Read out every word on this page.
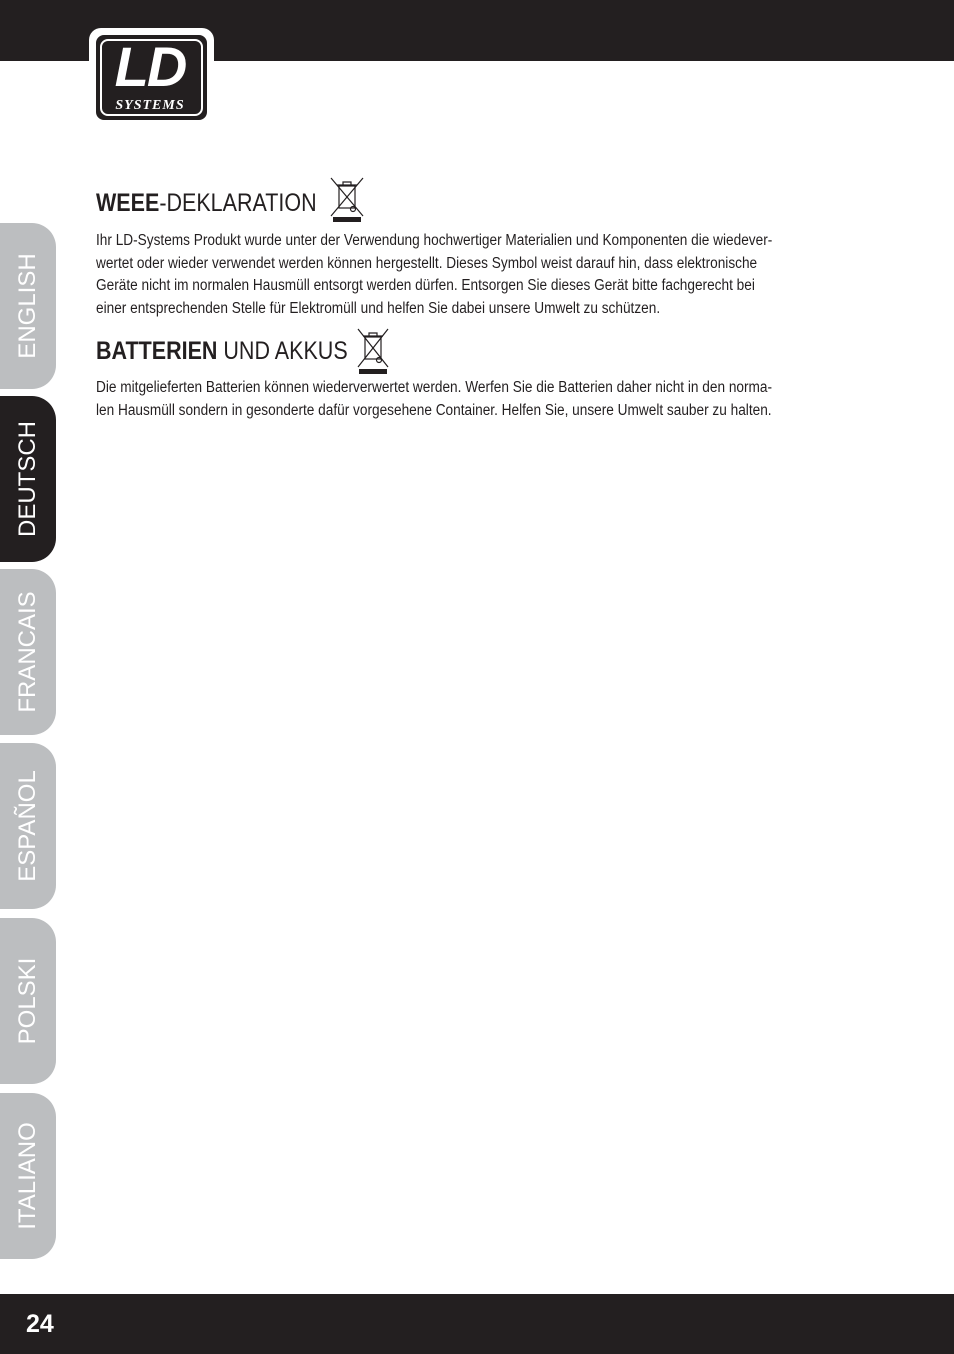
LD
SYSTEMS
ENGLISH
DEUTSCH
FRANCAIS
ESPAÑOL
POLSKI
ITALIANO
WEEE-DEKLARATION
Ihr LD-Systems Produkt wurde unter der Verwendung hochwertiger Materialien und Komponenten die wiedever-
wertet oder wieder verwendet werden können hergestellt. Dieses Symbol weist darauf hin, dass elektronische
Geräte nicht im normalen Hausmüll entsorgt werden dürfen. Entsorgen Sie dieses Gerät bitte fachgerecht bei
einer entsprechenden Stelle für Elektromüll und helfen Sie dabei unsere Umwelt zu schützen.
BATTERIEN UND AKKUS
Die mitgelieferten Batterien können wiederverwertet werden. Werfen Sie die Batterien daher nicht in den norma-
len Hausmüll sondern in gesonderte dafür vorgesehene Container. Helfen Sie, unsere Umwelt sauber zu halten.
24
